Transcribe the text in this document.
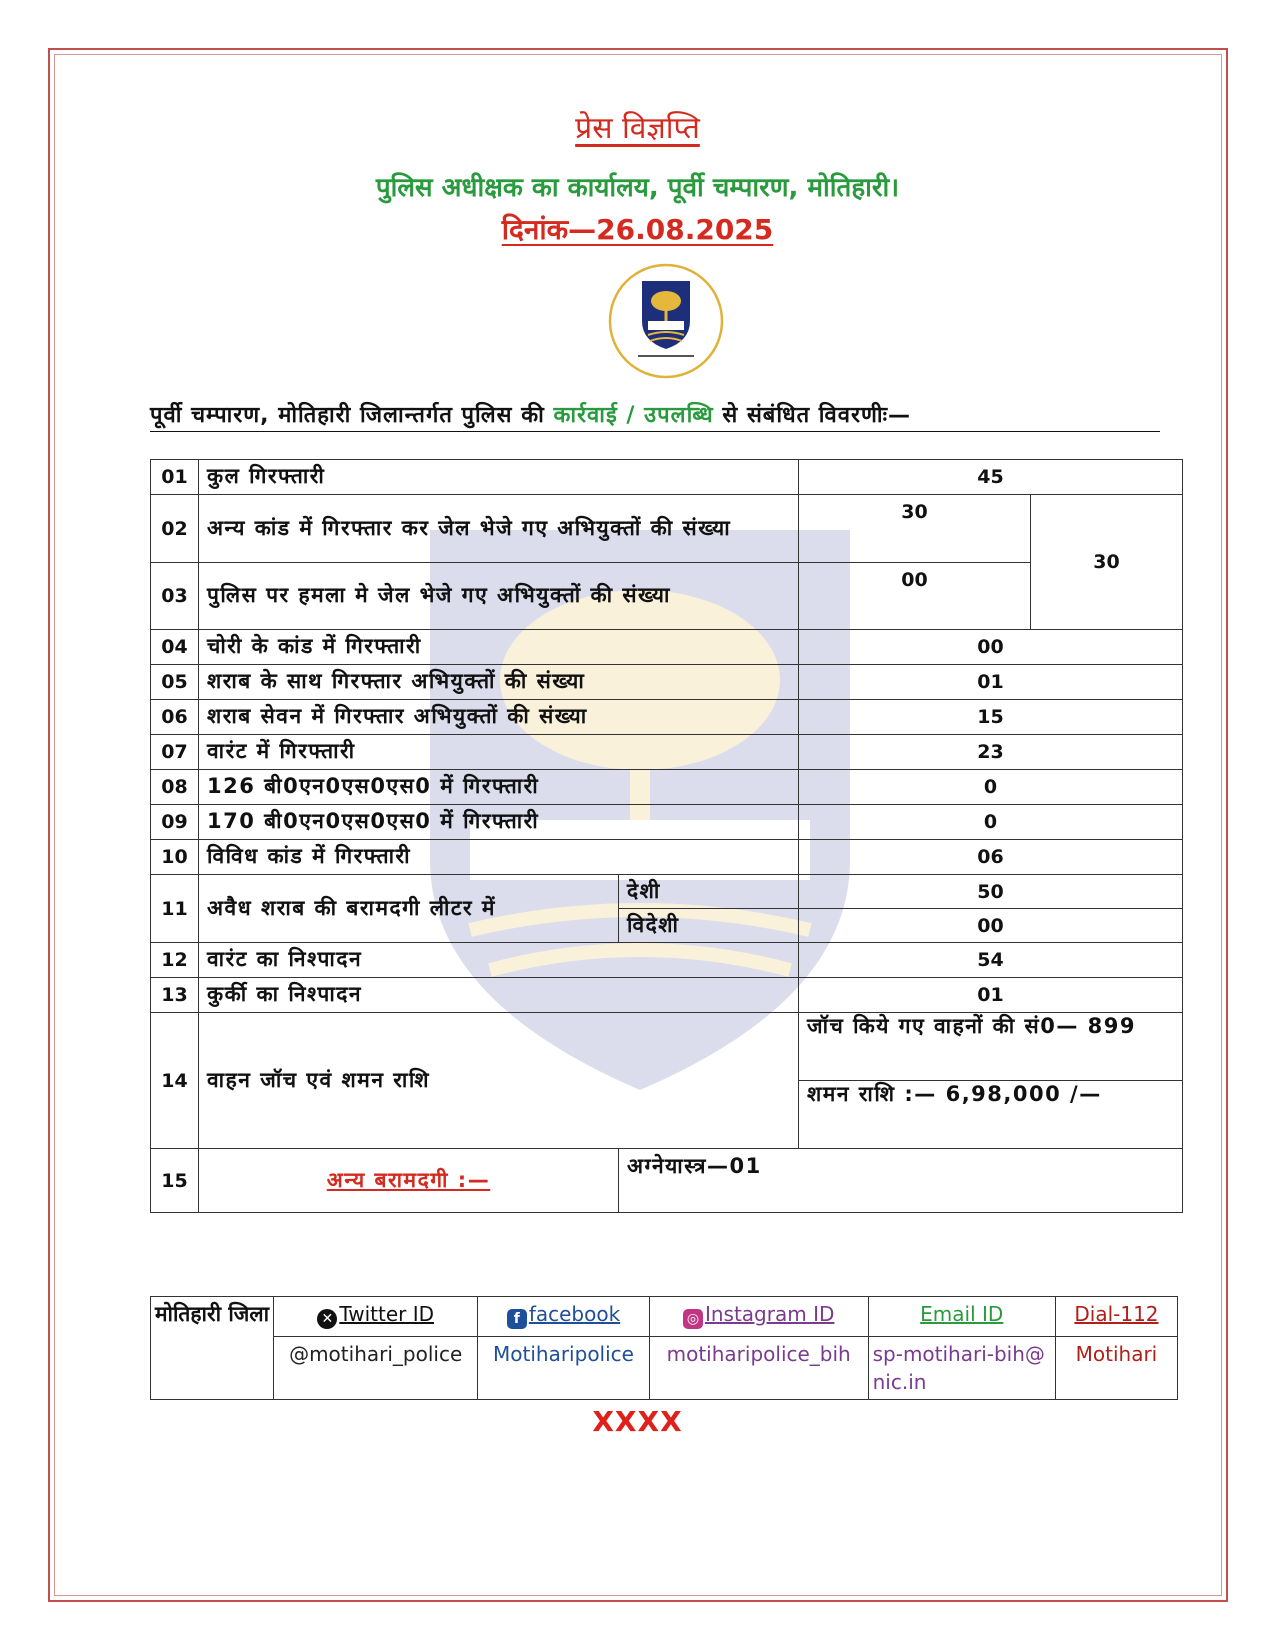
प्रेस विज्ञप्ति
पुलिस अधीक्षक का कार्यालय, पूर्वी चम्पारण, मोतिहारी।
दिनांक—26.08.2025
पूर्वी चम्पारण, मोतिहारी जिलान्तर्गत पुलिस की कार्रवाई / उपलब्धि से संबंधित विवरणीः—
01	कुल गिरफ्तारी		45	
02	अन्य कांड में गिरफ्तार कर जेल भेजे गए अभियुक्तों की संख्या		30	30
03	पुलिस पर हमला मे जेल भेजे गए अभियुक्तों की संख्या		00	
04	चोरी के कांड में गिरफ्तारी		00	
05	शराब के साथ गिरफ्तार अभियुक्तों की संख्या		01	
06	शराब सेवन में गिरफ्तार अभियुक्तों की संख्या		15	
07	वारंट में गिरफ्तारी		23	
08	126 बी0एन0एस0एस0 में गिरफ्तारी		0	
09	170 बी0एन0एस0एस0 में गिरफ्तारी		0	
10	विविध कांड में गिरफ्तारी		06	
11	अवैध शराब की बरामदगी लीटर में	देशी	50	
		विदेशी	00	
12	वारंट का निश्पादन		54	
13	कुर्की का निश्पादन		01	
14	वाहन जॉच एवं शमन राशि		जॉच किये गए वाहनों की सं0— 899	
			शमन राशि :— 6,98,000 /—	
15	अन्य बरामदगी :—	अग्नेयास्त्र—01		
मोतिहारी जिला	✕ Twitter ID	f facebook	◎ Instagram ID	Email ID	Dial-112
	@motihari_police	Motiharipolice	motiharipolice_bih	sp-motihari-bih@nic.in	Motihari
XXXX
